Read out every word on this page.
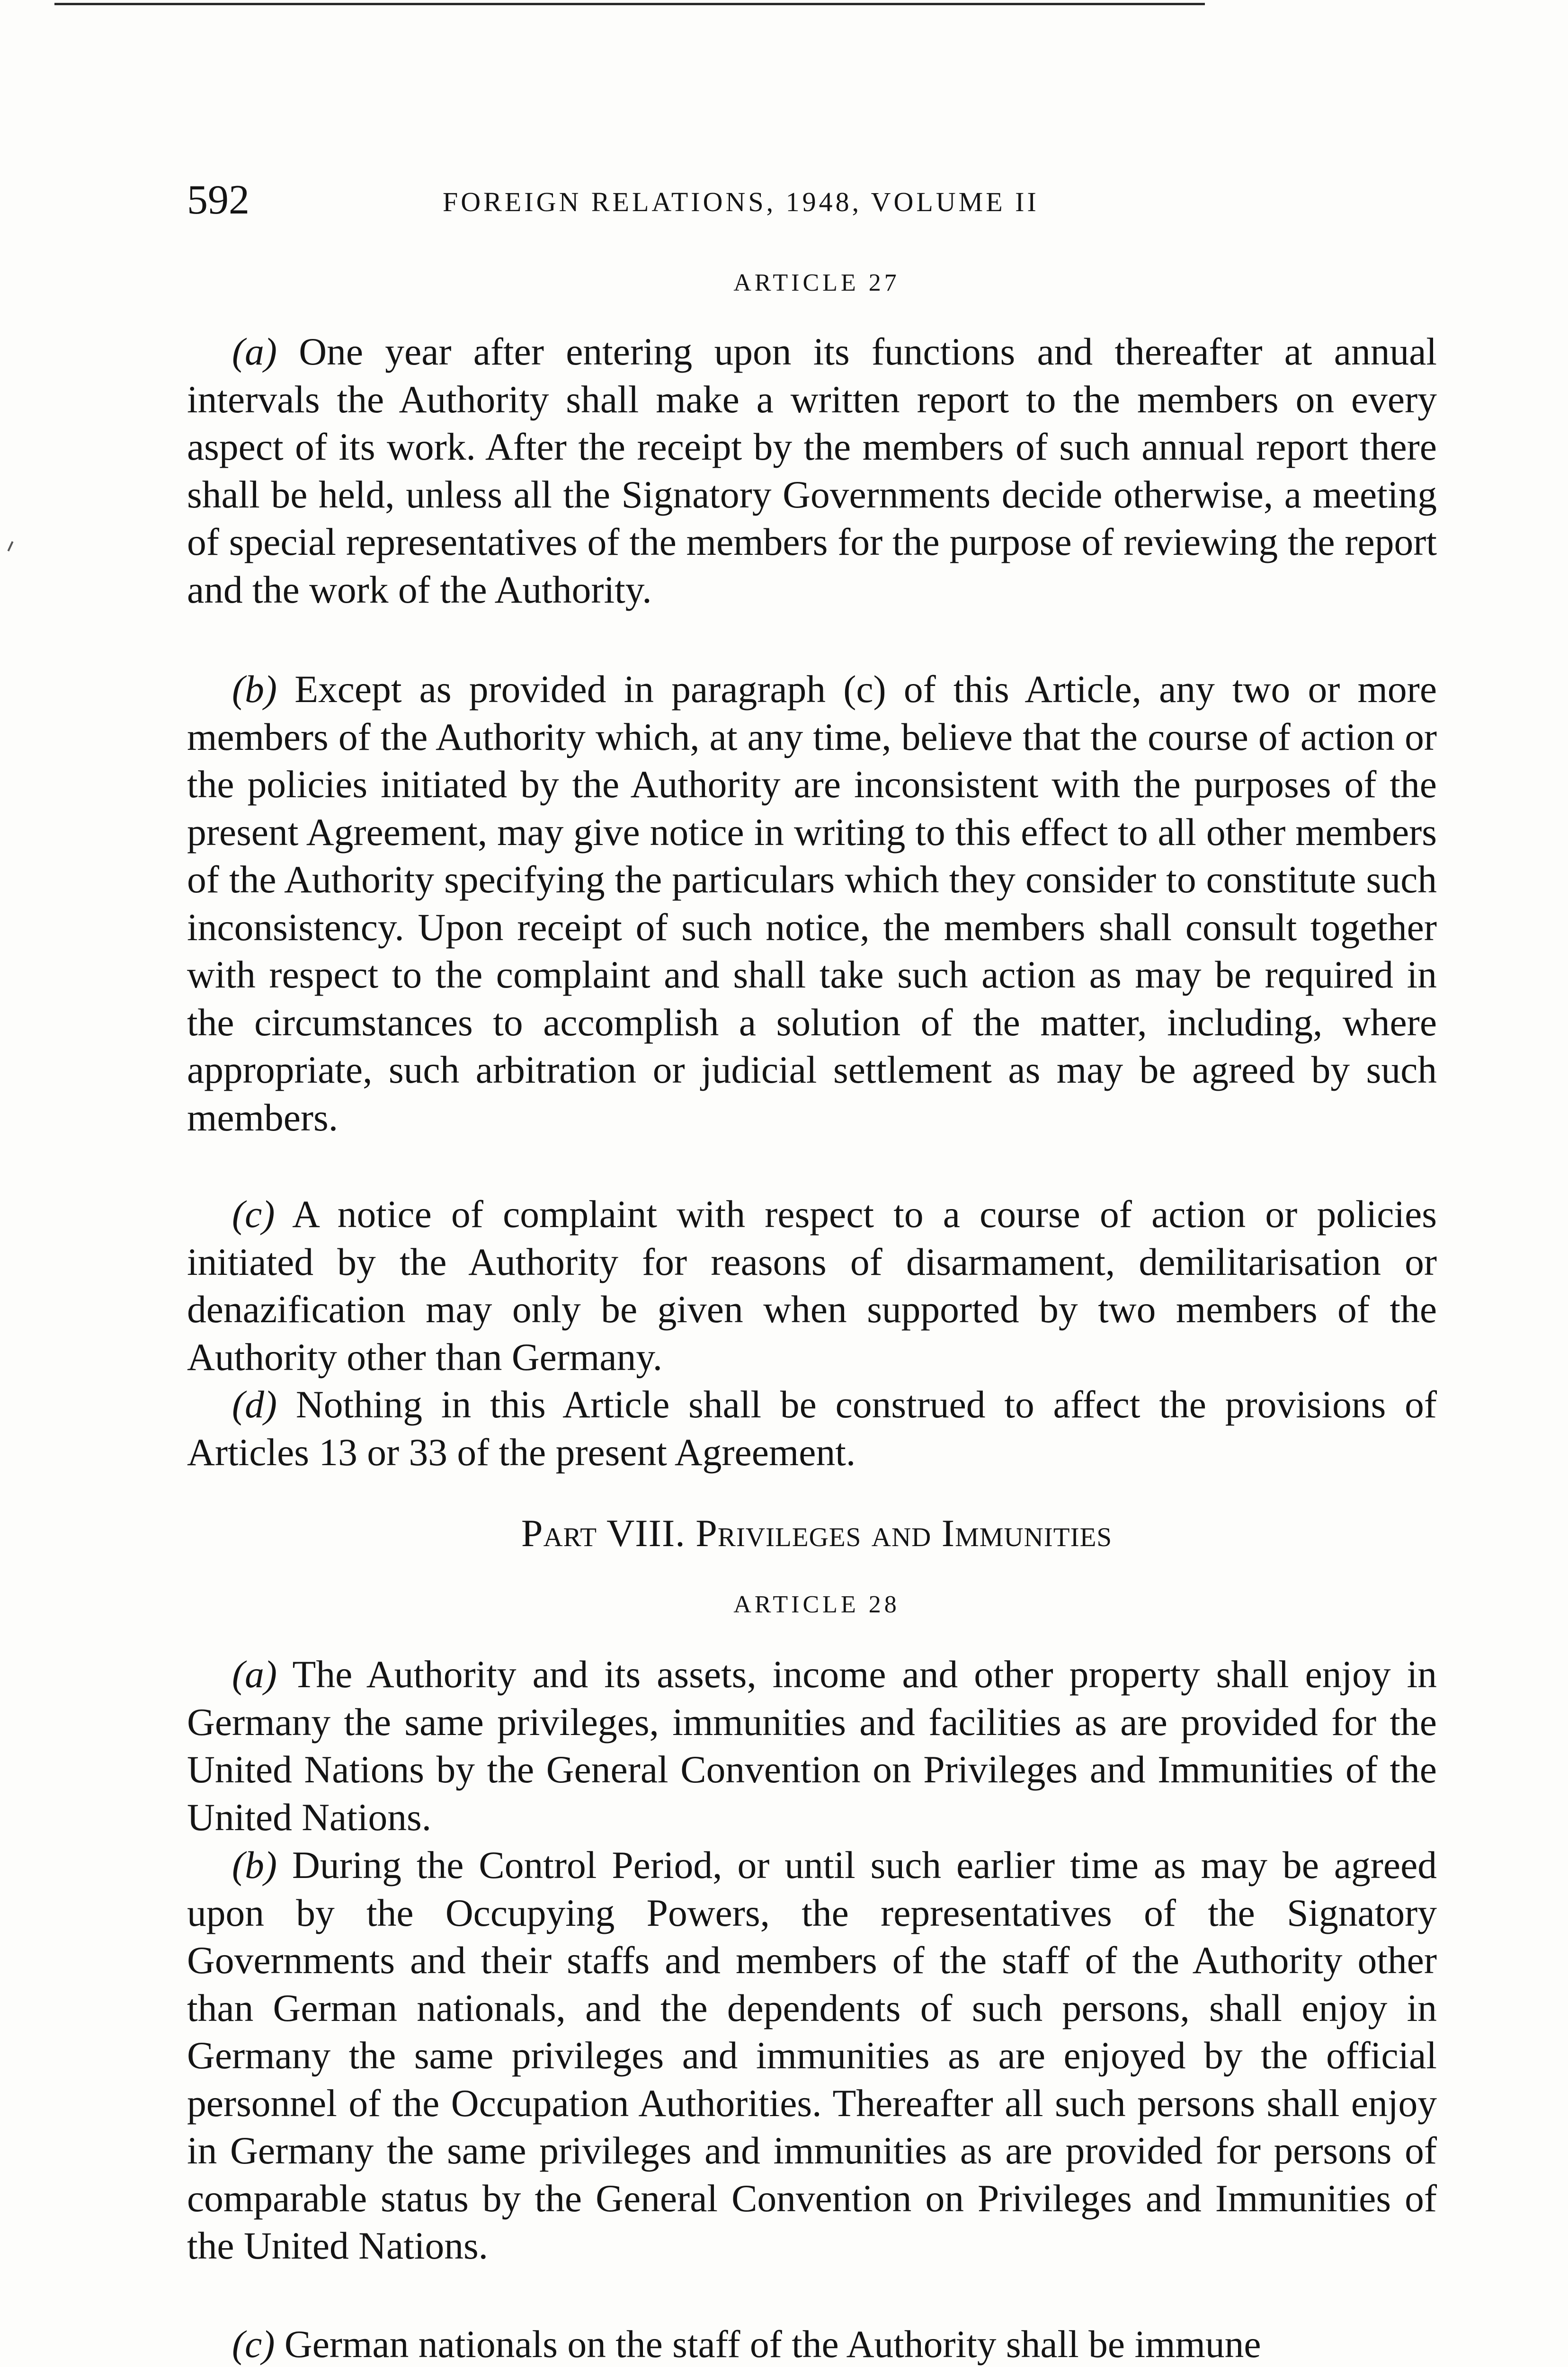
592	FOREIGN RELATIONS, 1948, VOLUME II
ARTICLE 27

(a) One year after entering upon its functions and thereafter at annual intervals the Authority shall make a written report to the members on every aspect of its work. After the receipt by the members of such annual report there shall be held, unless all the Signatory Governments decide otherwise, a meeting of special representatives of the members for the purpose of reviewing the report and the work of the Authority.

(b) Except as provided in paragraph (c) of this Article, any two or more members of the Authority which, at any time, believe that the course of action or the policies initiated by the Authority are inconsistent with the purposes of the present Agreement, may give notice in writing to this effect to all other members of the Authority specifying the particulars which they consider to constitute such inconsistency. Upon receipt of such notice, the members shall consult together with respect to the complaint and shall take such action as may be required in the circumstances to accomplish a solution of the matter, including, where appropriate, such arbitration or judicial settlement as may be agreed by such members.

(c) A notice of complaint with respect to a course of action or policies initiated by the Authority for reasons of disarmament, demilitarisation or denazification may only be given when supported by two members of the Authority other than Germany.

(d) Nothing in this Article shall be construed to affect the provisions of Articles 13 or 33 of the present Agreement.

Part VIII. Privileges and Immunities
ARTICLE 28

(a) The Authority and its assets, income and other property shall enjoy in Germany the same privileges, immunities and facilities as are provided for the United Nations by the General Convention on Privileges and Immunities of the United Nations.

(b) During the Control Period, or until such earlier time as may be agreed upon by the Occupying Powers, the representatives of the Signatory Governments and their staffs and members of the staff of the Authority other than German nationals, and the dependents of such persons, shall enjoy in Germany the same privileges and immunities as are enjoyed by the official personnel of the Occupation Authorities. Thereafter all such persons shall enjoy in Germany the same privileges and immunities as are provided for persons of comparable status by the General Convention on Privileges and Immunities of the United Nations.

(c) German nationals on the staff of the Authority shall be immune
